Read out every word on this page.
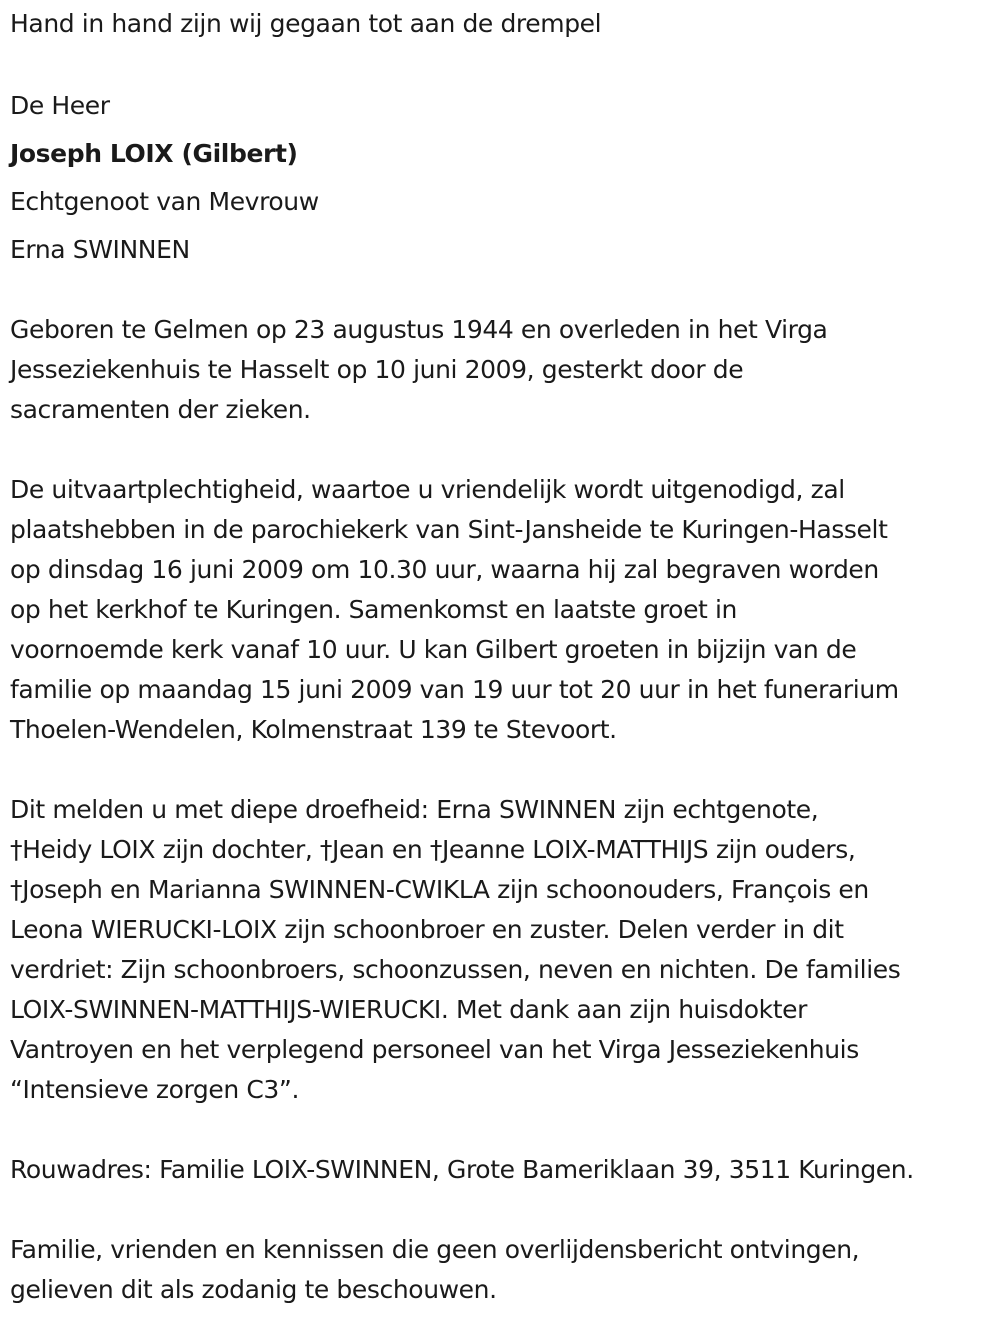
Hand in hand zijn wij gegaan tot aan de drempel
De Heer
Joseph LOIX (Gilbert)
Echtgenoot van Mevrouw
Erna SWINNEN

Geboren te Gelmen op 23 augustus 1944 en overleden in het Virga
Jesseziekenhuis te Hasselt op 10 juni 2009, gesterkt door de
sacramenten der zieken.

De uitvaartplechtigheid, waartoe u vriendelijk wordt uitgenodigd, zal
plaatshebben in de parochiekerk van Sint-Jansheide te Kuringen-Hasselt
op dinsdag 16 juni 2009 om 10.30 uur, waarna hij zal begraven worden
op het kerkhof te Kuringen. Samenkomst en laatste groet in
voornoemde kerk vanaf 10 uur. U kan Gilbert groeten in bijzijn van de
familie op maandag 15 juni 2009 van 19 uur tot 20 uur in het funerarium
Thoelen-Wendelen, Kolmenstraat 139 te Stevoort.

Dit melden u met diepe droefheid: Erna SWINNEN zijn echtgenote,
†Heidy LOIX zijn dochter, †Jean en †Jeanne LOIX-MATTHIJS zijn ouders,
†Joseph en Marianna SWINNEN-CWIKLA zijn schoonouders, François en
Leona WIERUCKI-LOIX zijn schoonbroer en zuster. Delen verder in dit
verdriet: Zijn schoonbroers, schoonzussen, neven en nichten. De families
LOIX-SWINNEN-MATTHIJS-WIERUCKI. Met dank aan zijn huisdokter
Vantroyen en het verplegend personeel van het Virga Jesseziekenhuis
“Intensieve zorgen C3”.

Rouwadres: Familie LOIX-SWINNEN, Grote Bameriklaan 39, 3511 Kuringen.

Familie, vrienden en kennissen die geen overlijdensbericht ontvingen,
gelieven dit als zodanig te beschouwen.
